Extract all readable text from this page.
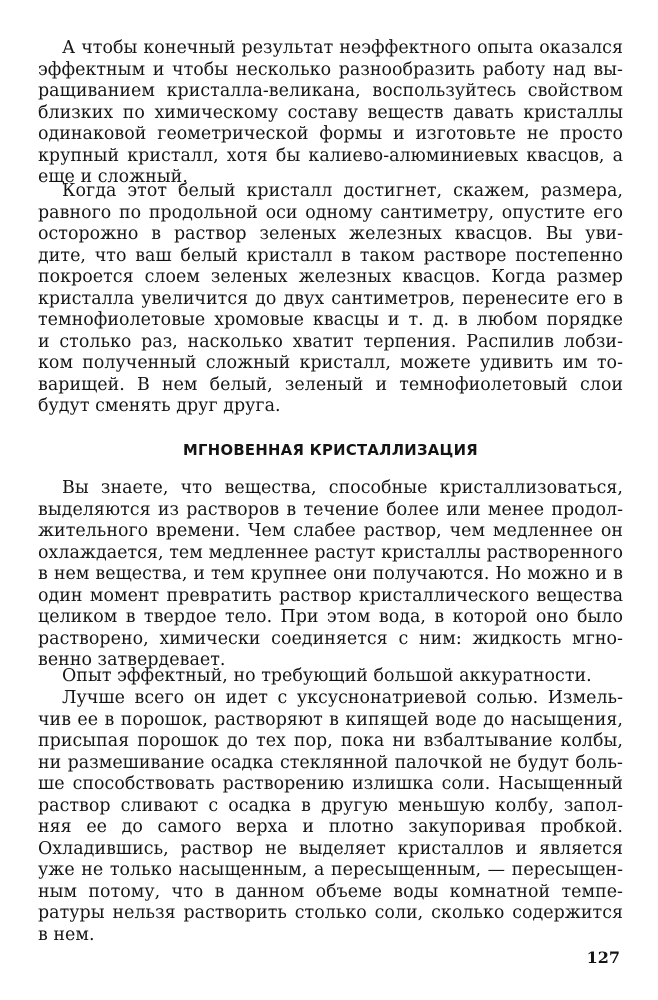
А чтобы конечный результат неэффектного опыта оказался
эффектным и чтобы несколько разнообразить работу над вы-
ращиванием кристалла-великана, воспользуйтесь свойством
близких по химическому составу веществ давать кристаллы
одинаковой геометрической формы и изготовьте не просто
крупный кристалл, хотя бы калиево-алюминиевых квасцов, а
еще и сложный.
Когда этот белый кристалл достигнет, скажем, размера,
равного по продольной оси одному сантиметру, опустите его
осторожно в раствор зеленых железных квасцов. Вы уви-
дите, что ваш белый кристалл в таком растворе постепенно
покроется слоем зеленых железных квасцов. Когда размер
кристалла увеличится до двух сантиметров, перенесите его в
темнофиолетовые хромовые квасцы и т. д. в любом порядке
и столько раз, насколько хватит терпения. Распилив лобзи-
ком полученный сложный кристалл, можете удивить им то-
варищей. В нем белый, зеленый и темнофиолетовый слои
будут сменять друг друга.
МГНОВЕННАЯ КРИСТАЛЛИЗАЦИЯ
Вы знаете, что вещества, способные кристаллизоваться,
выделяются из растворов в течение более или менее продол-
жительного времени. Чем слабее раствор, чем медленнее он
охлаждается, тем медленнее растут кристаллы растворенного
в нем вещества, и тем крупнее они получаются. Но можно и в
один момент превратить раствор кристаллического вещества
целиком в твердое тело. При этом вода, в которой оно было
растворено, химически соединяется с ним: жидкость мгно-
венно затвердевает.
Опыт эффектный, но требующий большой аккуратности.
Лучше всего он идет с уксуснонатриевой солью. Измель-
чив ее в порошок, растворяют в кипящей воде до насыщения,
присыпая порошок до тех пор, пока ни взбалтывание колбы,
ни размешивание осадка стеклянной палочкой не будут боль-
ше способствовать растворению излишка соли. Насыщенный
раствор сливают с осадка в другую меньшую колбу, запол-
няя ее до самого верха и плотно закупоривая пробкой.
Охладившись, раствор не выделяет кристаллов и является
уже не только насыщенным, а пересыщенным, — пересыщен-
ным потому, что в данном объеме воды комнатной темпе-
ратуры нельзя растворить столько соли, сколько содержится
в нем.
127
